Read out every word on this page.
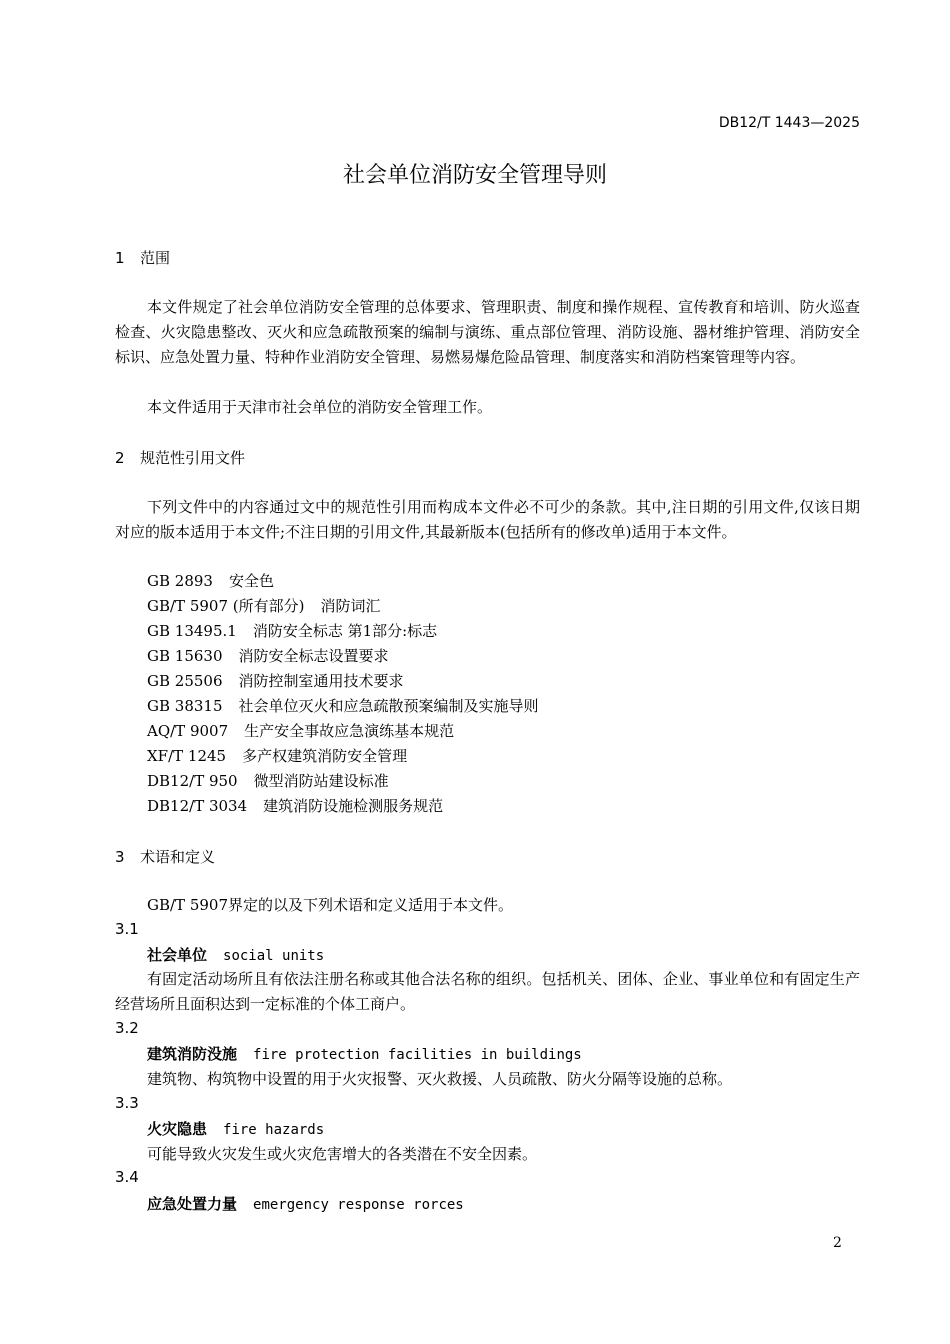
DB12/T 1443—2025
社会单位消防安全管理导则
1 范围
本文件规定了社会单位消防安全管理的总体要求、管理职责、制度和操作规程、宣传教育和培训、防火巡查检查、火灾隐患整改、灭火和应急疏散预案的编制与演练、重点部位管理、消防设施、器材维护管理、消防安全标识、应急处置力量、特种作业消防安全管理、易燃易爆危险品管理、制度落实和消防档案管理等内容。
本文件适用于天津市社会单位的消防安全管理工作。
2 规范性引用文件
下列文件中的内容通过文中的规范性引用而构成本文件必不可少的条款。其中,注日期的引用文件,仅该日期对应的版本适用于本文件;不注日期的引用文件,其最新版本(包括所有的修改单)适用于本文件。
GB 2893 安全色
GB/T 5907 (所有部分) 消防词汇
GB 13495.1 消防安全标志 第1部分:标志
GB 15630 消防安全标志设置要求
GB 25506 消防控制室通用技术要求
GB 38315 社会单位灭火和应急疏散预案编制及实施导则
AQ/T 9007 生产安全事故应急演练基本规范
XF/T 1245 多产权建筑消防安全管理
DB12/T 950 微型消防站建设标准
DB12/T 3034 建筑消防设施检测服务规范
3 术语和定义
GB/T 5907界定的以及下列术语和定义适用于本文件。
3.1
社会单位 social units
有固定活动场所且有依法注册名称或其他合法名称的组织。包括机关、团体、企业、事业单位和有固定生产经营场所且面积达到一定标准的个体工商户。
3.2
建筑消防没施 fire protection facilities in buildings
建筑物、构筑物中设置的用于火灾报警、灭火救援、人员疏散、防火分隔等设施的总称。
3.3
火灾隐患 fire hazards
可能导致火灾发生或火灾危害增大的各类潜在不安全因素。
3.4
应急处置力量 emergency response rorces
2
